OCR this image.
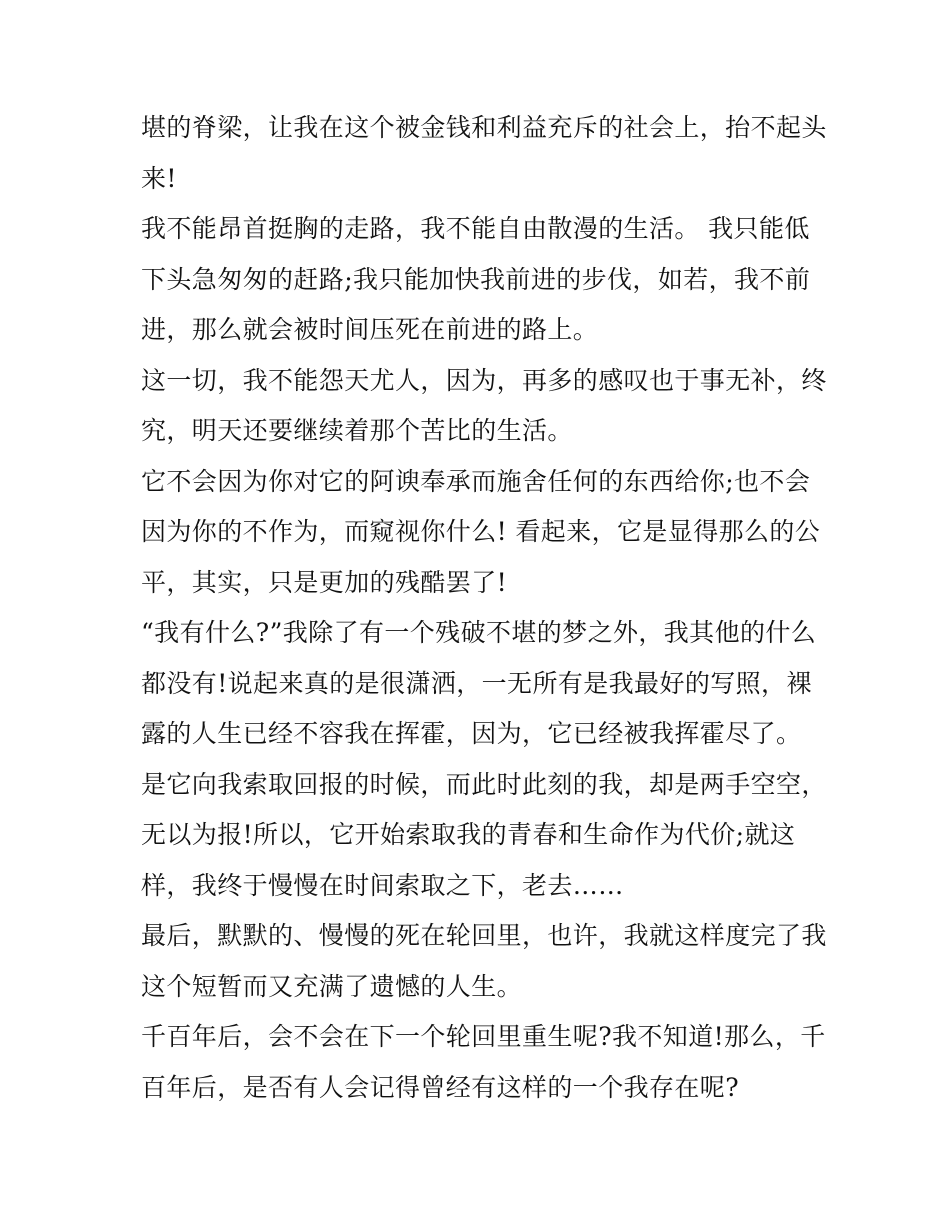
堪的脊梁，让我在这个被金钱和利益充斥的社会上，抬不起头

来!

我不能昂首挺胸的走路，我不能自由散漫的生活。 我只能低

下头急匆匆的赶路;我只能加快我前进的步伐，如若，我不前

进，那么就会被时间压死在前进的路上。

这一切，我不能怨天尤人，因为，再多的感叹也于事无补，终

究，明天还要继续着那个苦比的生活。

它不会因为你对它的阿谀奉承而施舍任何的东西给你;也不会

因为你的不作为，而窥视你什么! 看起来，它是显得那么的公

平，其实，只是更加的残酷罢了!

“我有什么?”我除了有一个残破不堪的梦之外，我其他的什么

都没有!说起来真的是很潇洒，一无所有是我最好的写照，裸

露的人生已经不容我在挥霍，因为，它已经被我挥霍尽了。

是它向我索取回报的时候，而此时此刻的我，却是两手空空，

无以为报!所以，它开始索取我的青春和生命作为代价;就这

样，我终于慢慢在时间索取之下，老去……

最后，默默的、慢慢的死在轮回里，也许，我就这样度完了我

这个短暂而又充满了遗憾的人生。

千百年后，会不会在下一个轮回里重生呢?我不知道!那么，千

百年后，是否有人会记得曾经有这样的一个我存在呢?
